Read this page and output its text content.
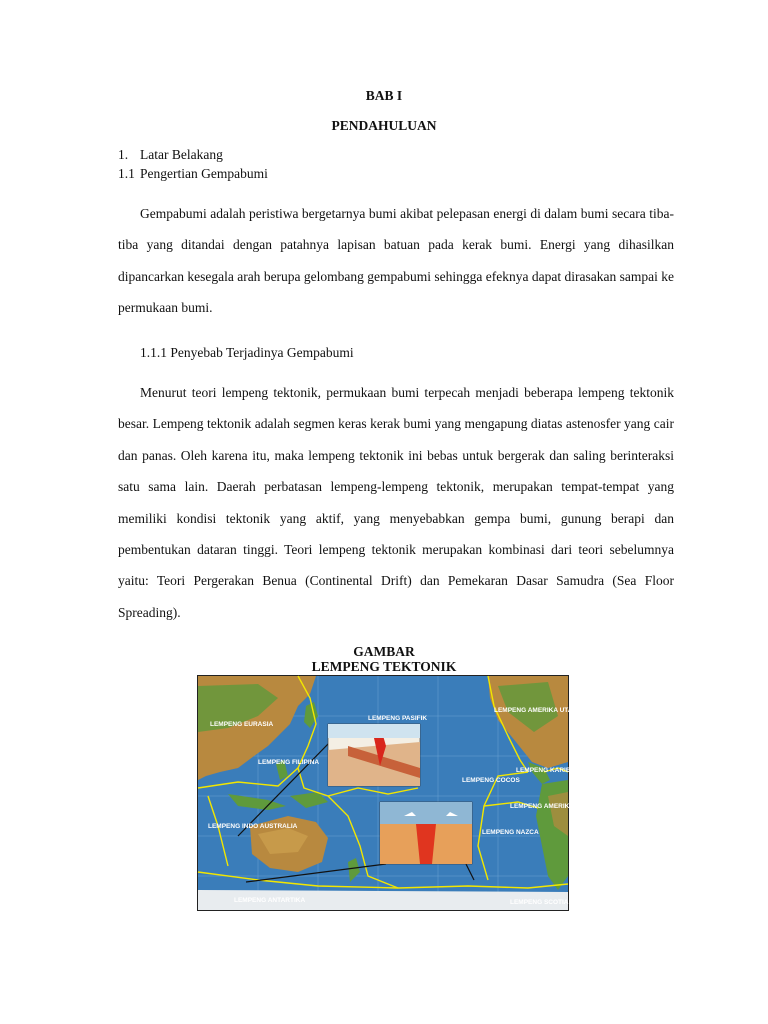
BAB I
PENDAHULUAN
1. Latar Belakang
1.1 Pengertian Gempabumi

Gempabumi adalah peristiwa bergetarnya bumi akibat pelepasan energi di dalam bumi secara tiba-tiba yang ditandai dengan patahnya lapisan batuan pada kerak bumi. Energi yang dihasilkan dipancarkan kesegala arah berupa gelombang gempabumi sehingga efeknya dapat dirasakan sampai ke permukaan bumi.

1.1.1 Penyebab Terjadinya Gempabumi

Menurut teori lempeng tektonik, permukaan bumi terpecah menjadi beberapa lempeng tektonik besar. Lempeng tektonik adalah segmen keras kerak bumi yang mengapung diatas astenosfer yang cair dan panas. Oleh karena itu, maka lempeng tektonik ini bebas untuk bergerak dan saling berinteraksi satu sama lain. Daerah perbatasan lempeng-lempeng tektonik, merupakan tempat-tempat yang memiliki kondisi tektonik yang aktif, yang menyebabkan gempa bumi, gunung berapi dan pembentukan dataran tinggi. Teori lempeng tektonik merupakan kombinasi dari teori sebelumnya yaitu: Teori Pergerakan Benua (Continental Drift) dan Pemekaran Dasar Samudra (Sea Floor Spreading).

GAMBAR
LEMPENG TEKTONIK
LEMPENG EURASIA
LEMPENG PASIFIK
LEMPENG AMERIKA UTARA
LEMPENG FILIPINA
LEMPENG KARIBIA
LEMPENG COCOS
LEMPENG AMERIKA SELATAN
LEMPENG INDO AUSTRALIA
LEMPENG NAZCA
LEMPENG ANTARTIKA	LEMPENG SCOTIA
